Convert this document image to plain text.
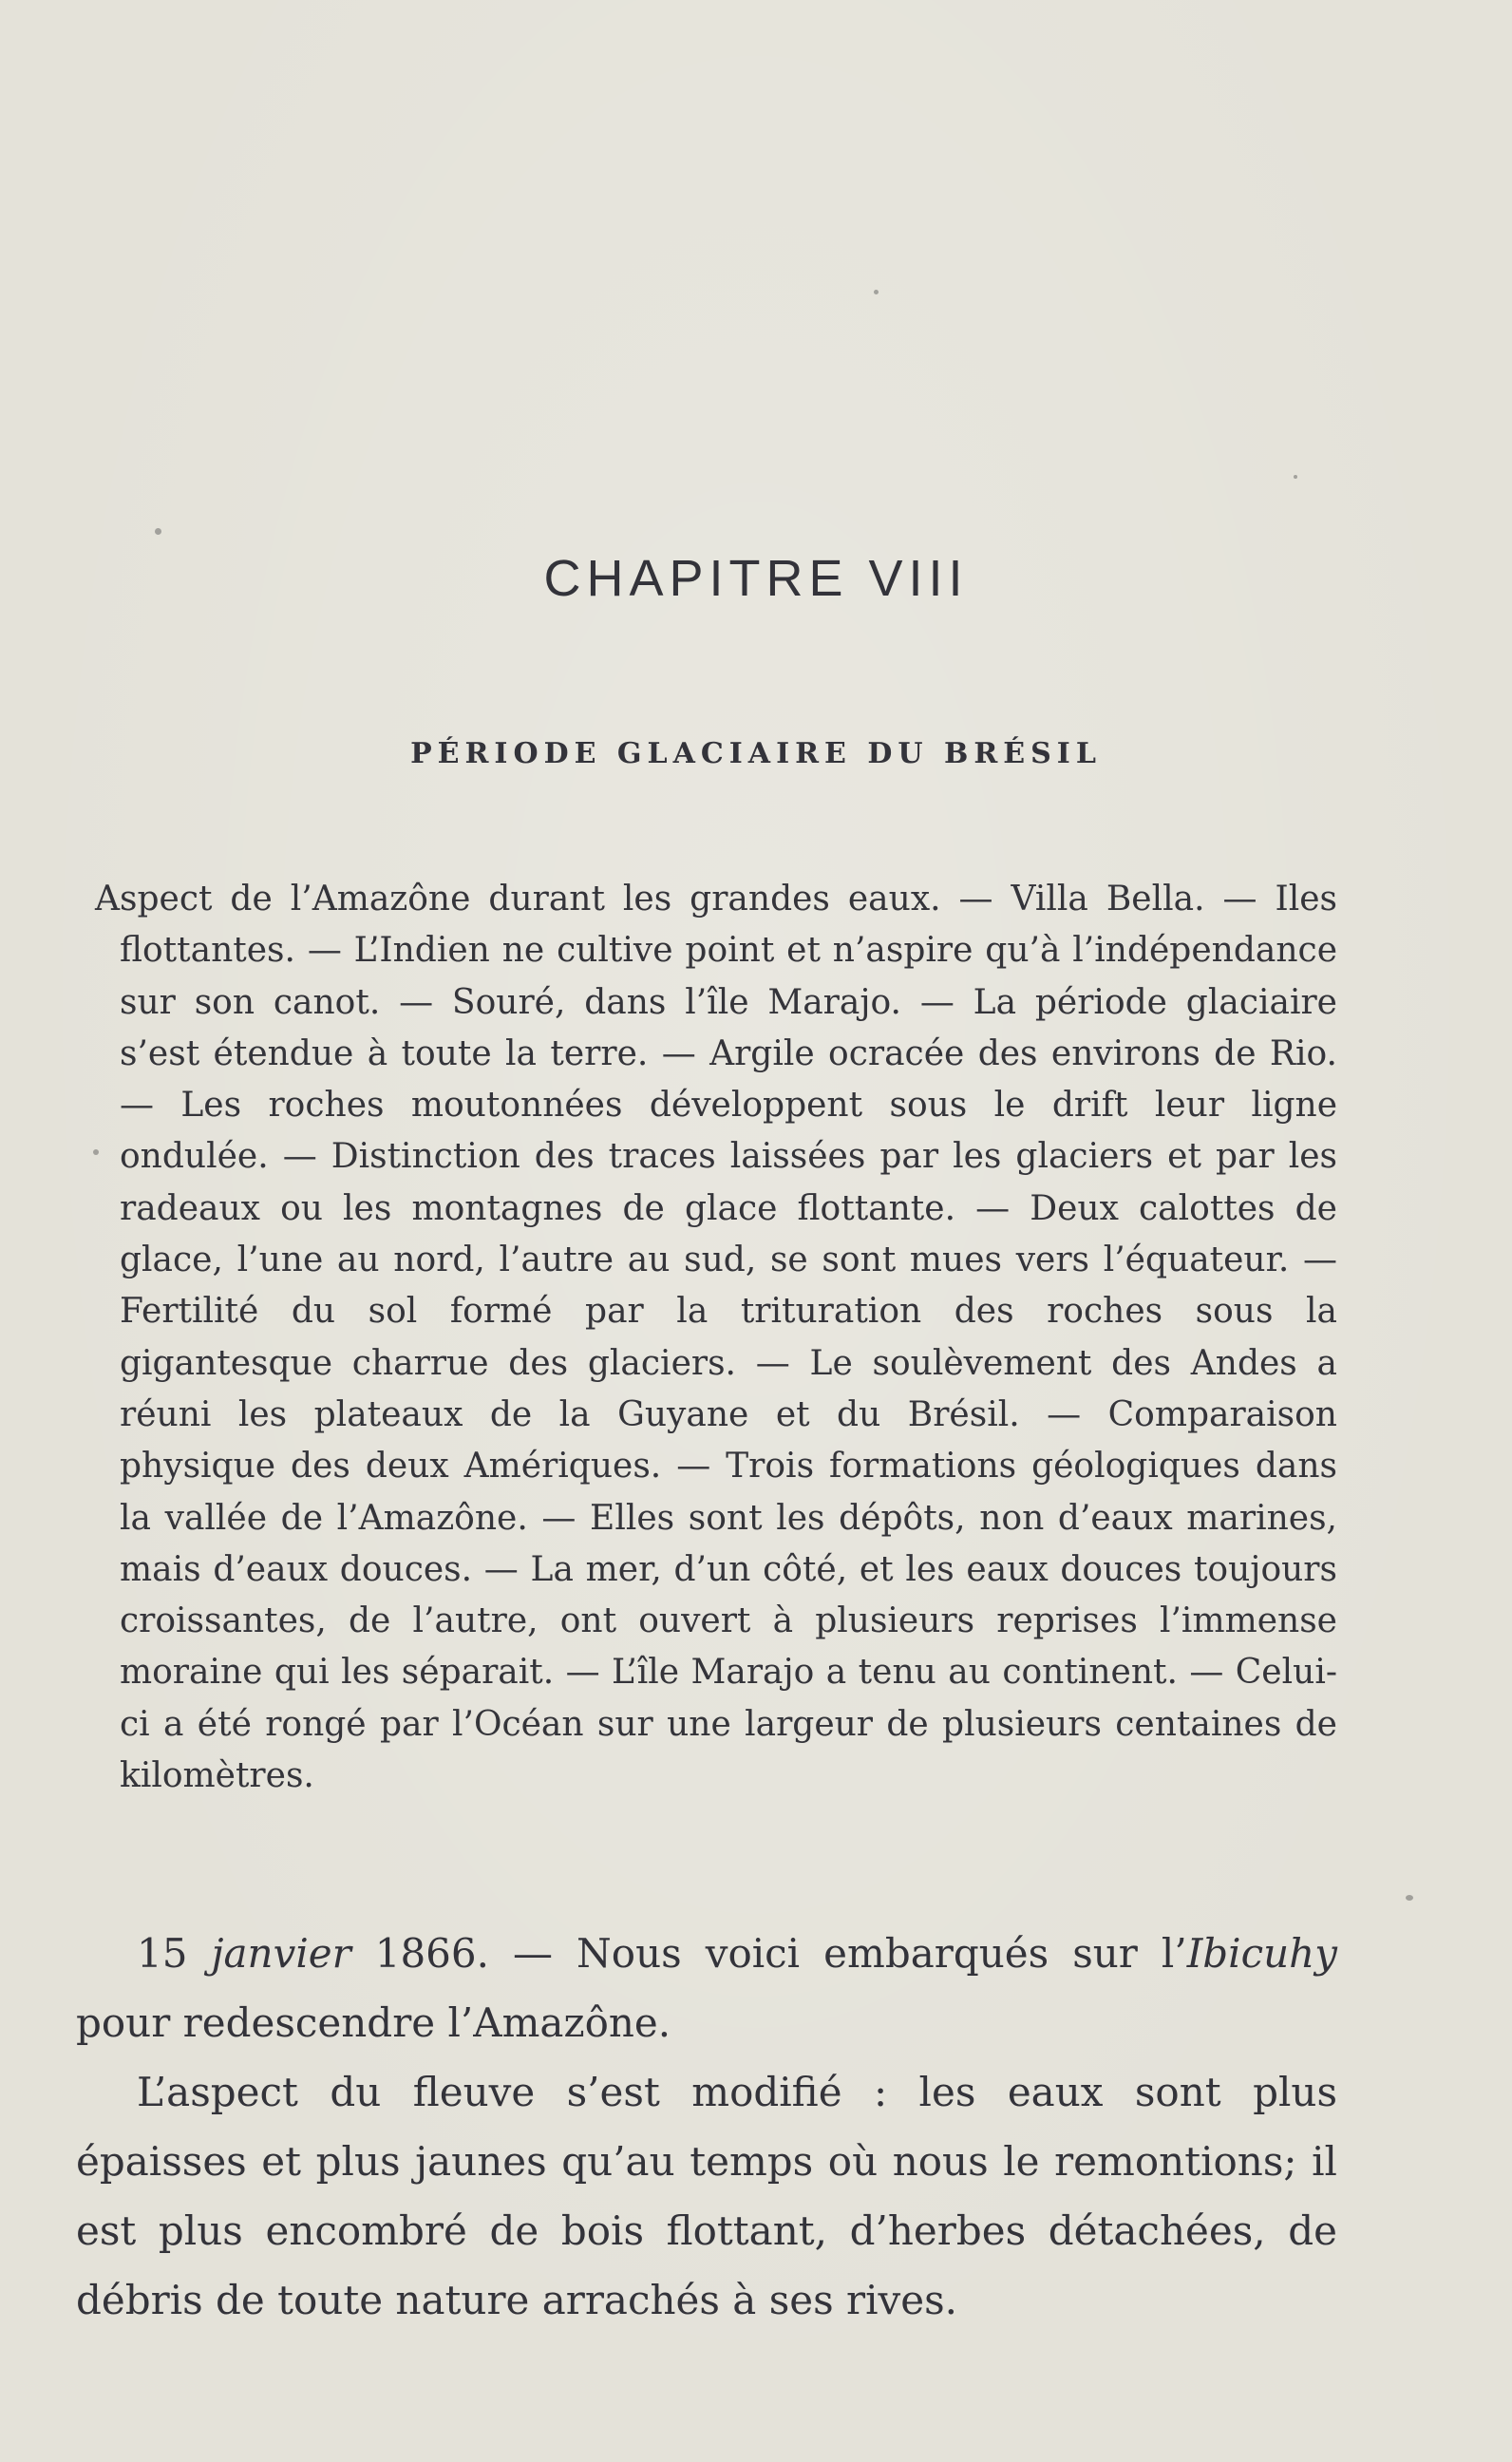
CHAPITRE VIII
PÉRIODE GLACIAIRE DU BRÉSIL

Aspect de l’Amazône durant les grandes eaux. — Villa Bella. — Iles flottantes. — L’Indien ne cultive point et n’aspire qu’à l’indépendance sur son canot. — Souré, dans l’île Marajo. — La période glaciaire s’est étendue à toute la terre. — Argile ocracée des environs de Rio. — Les roches moutonnées développent sous le drift leur ligne ondulée. — Distinction des traces laissées par les glaciers et par les radeaux ou les montagnes de glace flottante. — Deux calottes de glace, l’une au nord, l’autre au sud, se sont mues vers l’équateur. — Fertilité du sol formé par la trituration des roches sous la gigantesque charrue des glaciers. — Le soulèvement des Andes a réuni les plateaux de la Guyane et du Brésil. — Comparaison physique des deux Amériques. — Trois formations géologiques dans la vallée de l’Amazône. — Elles sont les dépôts, non d’eaux marines, mais d’eaux douces. — La mer, d’un côté, et les eaux douces toujours croissantes, de l’autre, ont ouvert à plusieurs reprises l’immense moraine qui les séparait. — L’île Marajo a tenu au continent. — Celui-ci a été rongé par l’Océan sur une largeur de plusieurs centaines de kilomètres.

15 janvier 1866. — Nous voici embarqués sur l’Ibicuhy pour redescendre l’Amazône.

L’aspect du fleuve s’est modifié : les eaux sont plus épaisses et plus jaunes qu’au temps où nous le remontions; il est plus encombré de bois flottant, d’herbes détachées, de débris de toute nature arrachés à ses rives.
